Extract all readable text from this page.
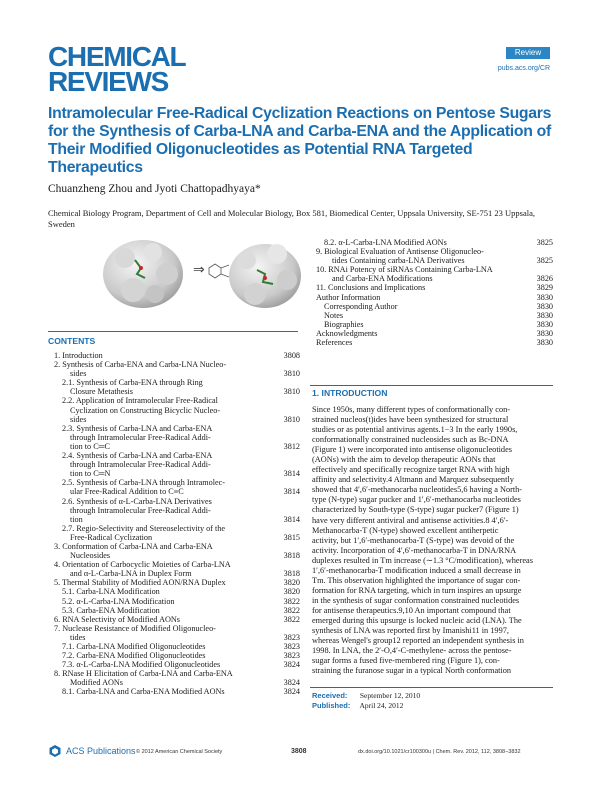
CHEMICAL
REVIEWS
Review
pubs.acs.org/CR
Intramolecular Free-Radical Cyclization Reactions on Pentose Sugars for the Synthesis of Carba-LNA and Carba-ENA and the Application of Their Modified Oligonucleotides as Potential RNA Targeted Therapeutics
Chuanzheng Zhou and Jyoti Chattopadhyaya*
Chemical Biology Program, Department of Cell and Molecular Biology, Box 581, Biomedical Center, Uppsala University, SE-751 23 Uppsala, Sweden
⇒
CONTENTS
1. Introduction	3808
2. Synthesis of Carba-ENA and Carba-LNA Nucleo-
sides	3810
2.1. Synthesis of Carba-ENA through Ring
Closure Metathesis	3810
2.2. Application of Intramolecular Free-Radical
Cyclization on Constructing Bicyclic Nucleo-
sides	3810
2.3. Synthesis of Carba-LNA and Carba-ENA
through Intramolecular Free-Radical Addi-
tion to C═C	3812
2.4. Synthesis of Carba-LNA and Carba-ENA
through Intramolecular Free-Radical Addi-
tion to C═N	3814
2.5. Synthesis of Carba-LNA through Intramolec-
ular Free-Radical Addition to C≡C	3814
2.6. Synthesis of α-L-Carba-LNA Derivatives
through Intramolecular Free-Radical Addi-
tion	3814
2.7. Regio-Selectivity and Stereoselectivity of the
Free-Radical Cyclization	3815
3. Conformation of Carba-LNA and Carba-ENA
Nucleosides	3818
4. Orientation of Carbocyclic Moieties of Carba-LNA
and α-L-Carba-LNA in Duplex Form	3818
5. Thermal Stability of Modified AON/RNA Duplex	3820
5.1. Carba-LNA Modification	3820
5.2. α-L-Carba-LNA Modification	3822
5.3. Carba-ENA Modification	3822
6. RNA Selectivity of Modified AONs	3822
7. Nuclease Resistance of Modified Oligonucleo-
tides	3823
7.1. Carba-LNA Modified Oligonucleotides	3823
7.2. Carba-ENA Modified Oligonucleotides	3823
7.3. α-L-Carba-LNA Modified Oligonucleotides	3824
8. RNase H Elicitation of Carba-LNA and Carba-ENA
Modified AONs	3824
8.1. Carba-LNA and Carba-ENA Modified AONs	3824
8.2. α-L-Carba-LNA Modified AONs	3825
9. Biological Evaluation of Antisense Oligonucleo-
tides Containing carba-LNA Derivatives	3825
10. RNAi Potency of siRNAs Containing Carba-LNA
and Carba-ENA Modifications	3826
11. Conclusions and Implications	3829
Author Information	3830
Corresponding Author	3830
Notes	3830
Biographies	3830
Acknowledgments	3830
References	3830
1. INTRODUCTION
Since 1950s, many different types of conformationally con-
strained nucleos(t)ides have been synthesized for structural
studies or as potential antivirus agents.1−3 In the early 1990s,
conformationally constrained nucleosides such as Bc-DNA
(Figure 1) were incorporated into antisense oligonucleotides
(AONs) with the aim to develop therapeutic AONs that
effectively and specifically recognize target RNA with high
affinity and selectivity.4 Altmann and Marquez subsequently
showed that 4′,6′-methanocarba nucleotides5,6 having a North-
type (N-type) sugar pucker and 1′,6′-methanocarba nucleotides
characterized by South-type (S-type) sugar pucker7 (Figure 1)
have very different antiviral and antisense activities.8 4′,6′-
Methanocarba-T (N-type) showed excellent antiherpetic
activity, but 1′,6′-methanocarba-T (S-type) was devoid of the
activity. Incorporation of 4′,6′-methanocarba-T in DNA/RNA
duplexes resulted in Tm increase (∼1.3 °C/modification), whereas
1′,6′-methanocarba-T modification induced a small decrease in
Tm. This observation highlighted the importance of sugar con-
formation for RNA targeting, which in turn inspires an upsurge
in the synthesis of sugar conformation constrained nucleotides
for antisense therapeutics.9,10 An important compound that
emerged during this upsurge is locked nucleic acid (LNA). The
synthesis of LNA was reported first by Imanishi11 in 1997,
whereas Wengel's group12 reported an independent synthesis in
1998. In LNA, the 2′-O,4′-C-methylene- across the pentose-
sugar forms a fused five-membered ring (Figure 1), con-
straining the furanose sugar in a typical North conformation
Received: September 12, 2010
Published: April 24, 2012
ACS Publications © 2012 American Chemical Society	3808	dx.doi.org/10.1021/cr100300u | Chem. Rev. 2012, 112, 3808−3832
